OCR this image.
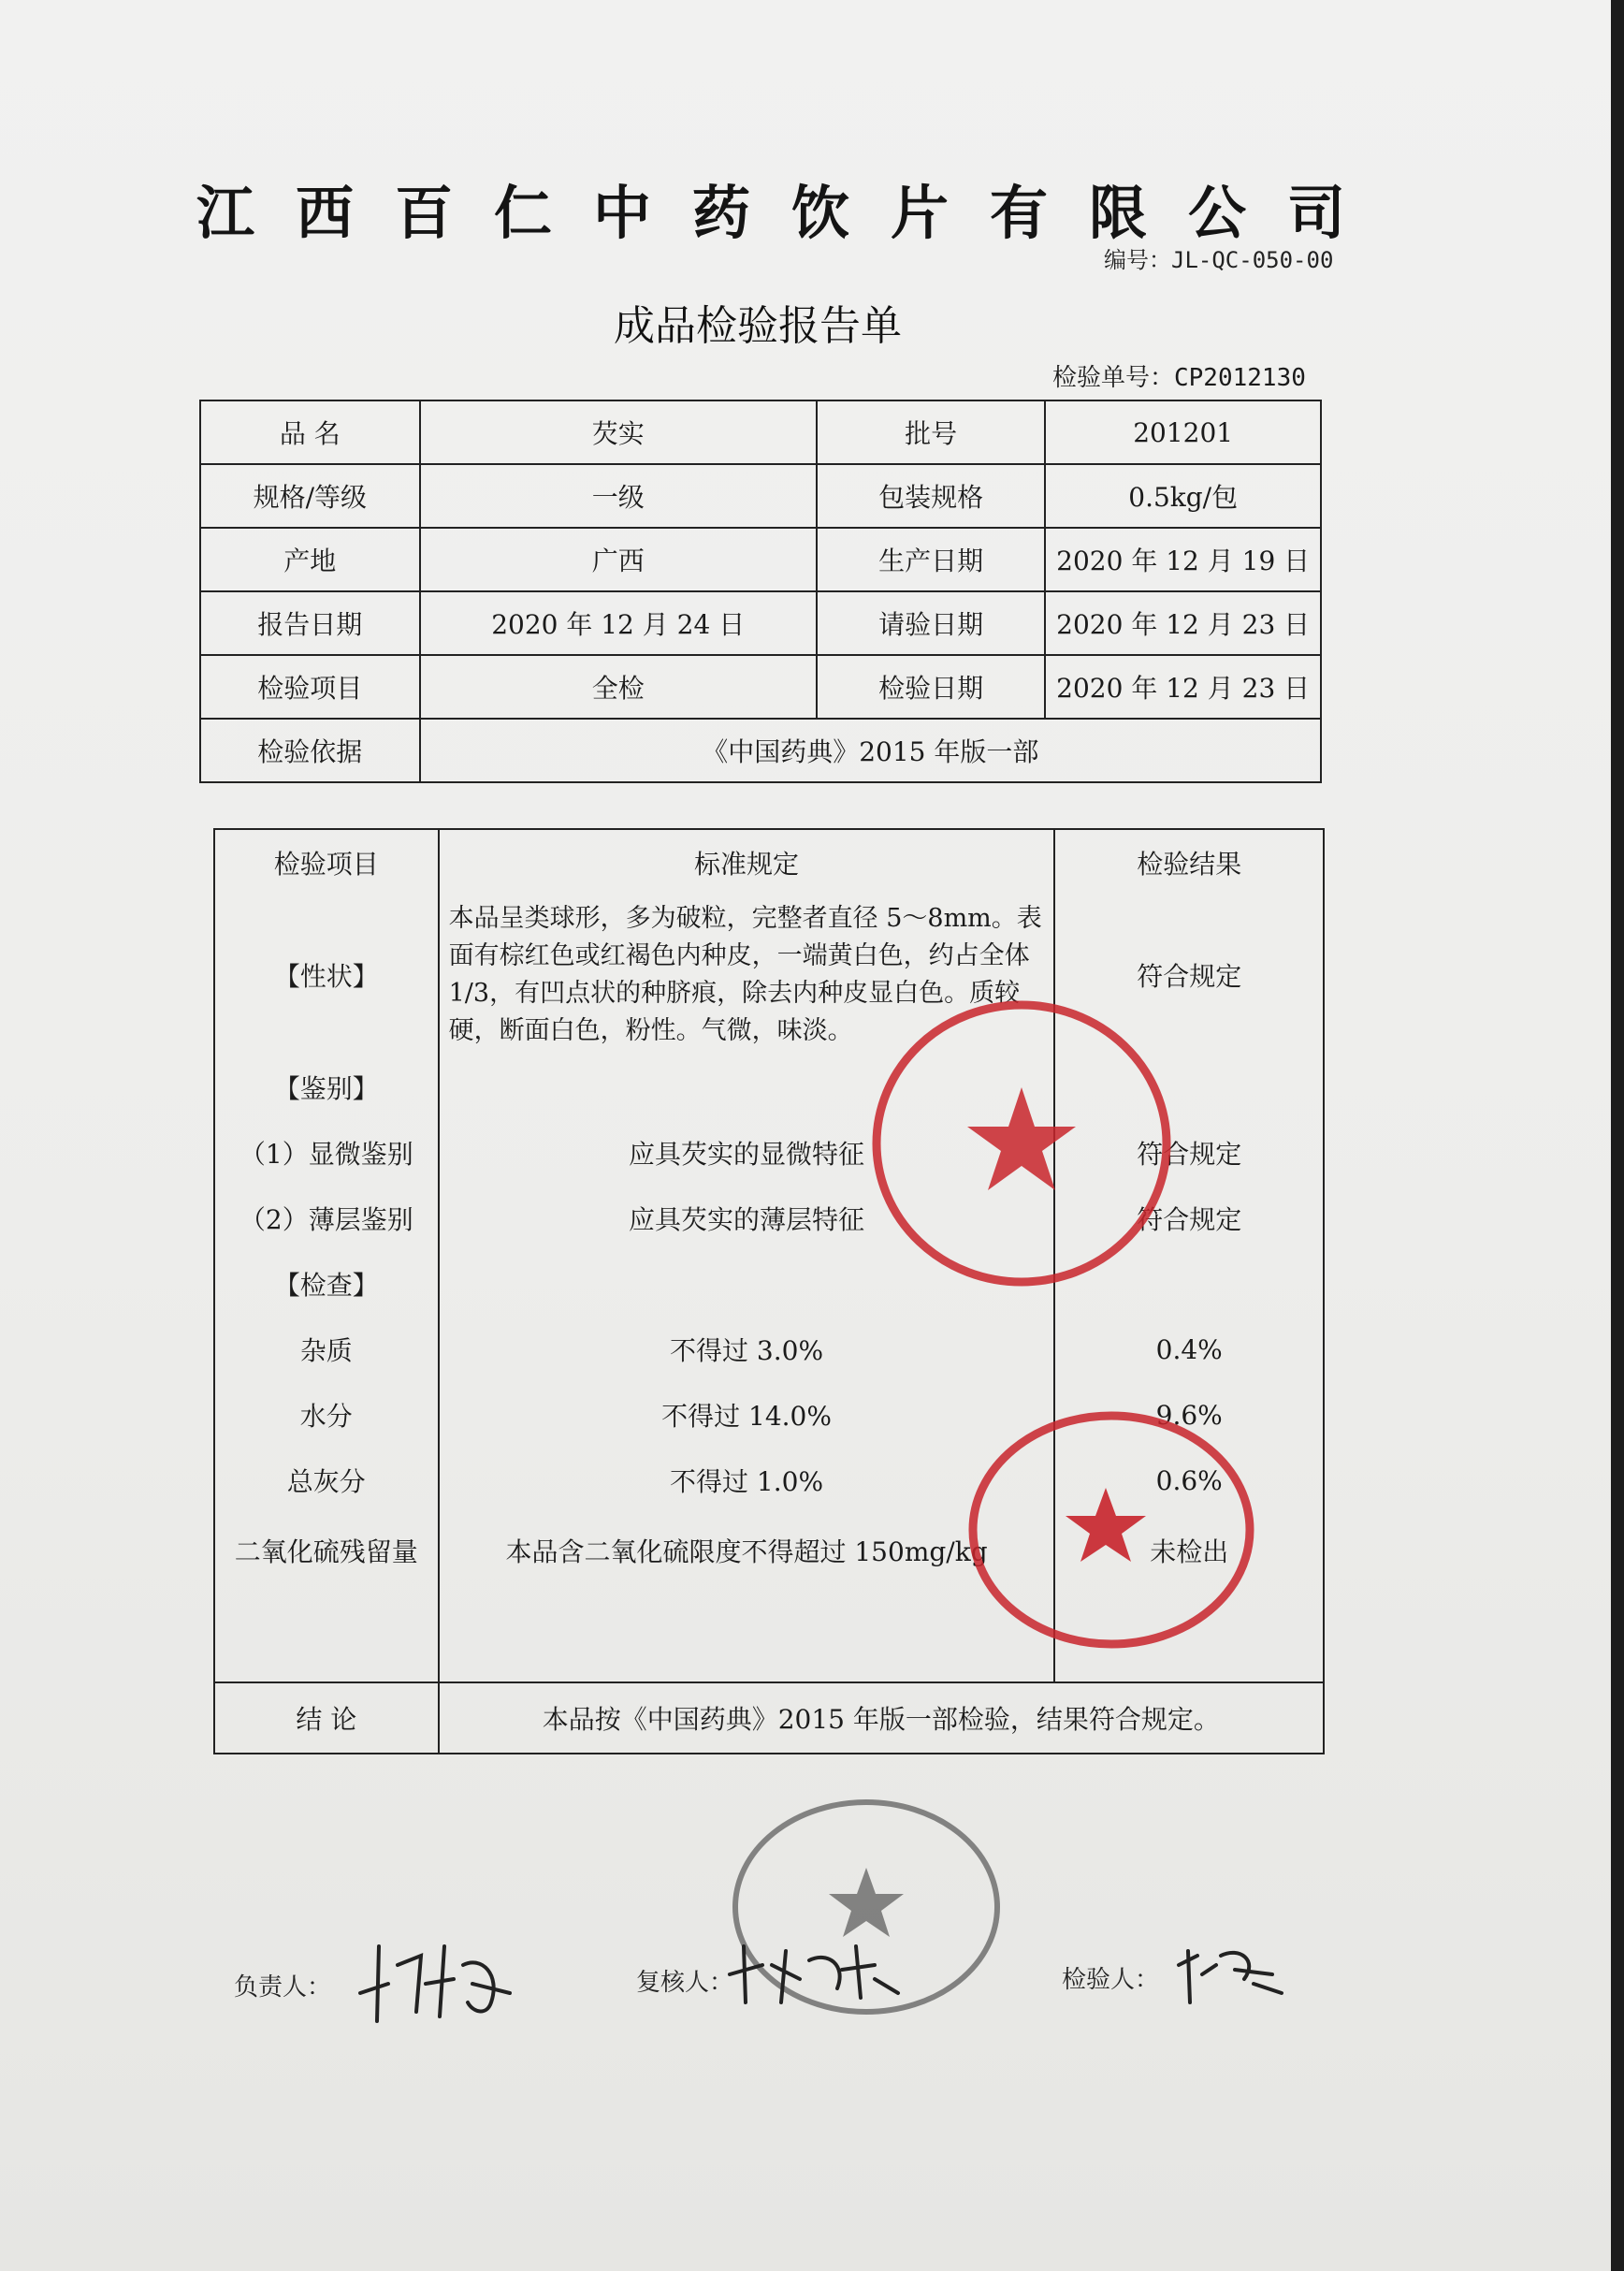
江西百仁中药饮片有限公司
编号：JL-QC-050-00
成品检验报告单
检验单号：CP2012130
品 名	芡实	批号	201201
规格/等级	一级	包装规格	0.5kg/包
产地	广西	生产日期	2020 年 12 月 19 日
报告日期	2020 年 12 月 24 日	请验日期	2020 年 12 月 23 日
检验项目	全检	检验日期	2020 年 12 月 23 日
检验依据	《中国药典》2015 年版一部		
检验项目	标准规定	检验结果
【性状】	本品呈类球形，多为破粒，完整者直径 5～8mm。表面有棕红色或红褐色内种皮，一端黄白色，约占全体 1/3，有凹点状的种脐痕，除去内种皮显白色。质较硬，断面白色，粉性。气微，味淡。	符合规定
【鉴别】		
（1）显微鉴别	应具芡实的显微特征	符合规定
（2）薄层鉴别	应具芡实的薄层特征	符合规定
【检查】		
杂质	不得过 3.0%	0.4%
水分	不得过 14.0%	9.6%
总灰分	不得过 1.0%	0.6%
二氧化硫残留量	本品含二氧化硫限度不得超过 150mg/kg	未检出
结 论	本品按《中国药典》2015 年版一部检验，结果符合规定。	
负责人：	复核人：	检验人：
